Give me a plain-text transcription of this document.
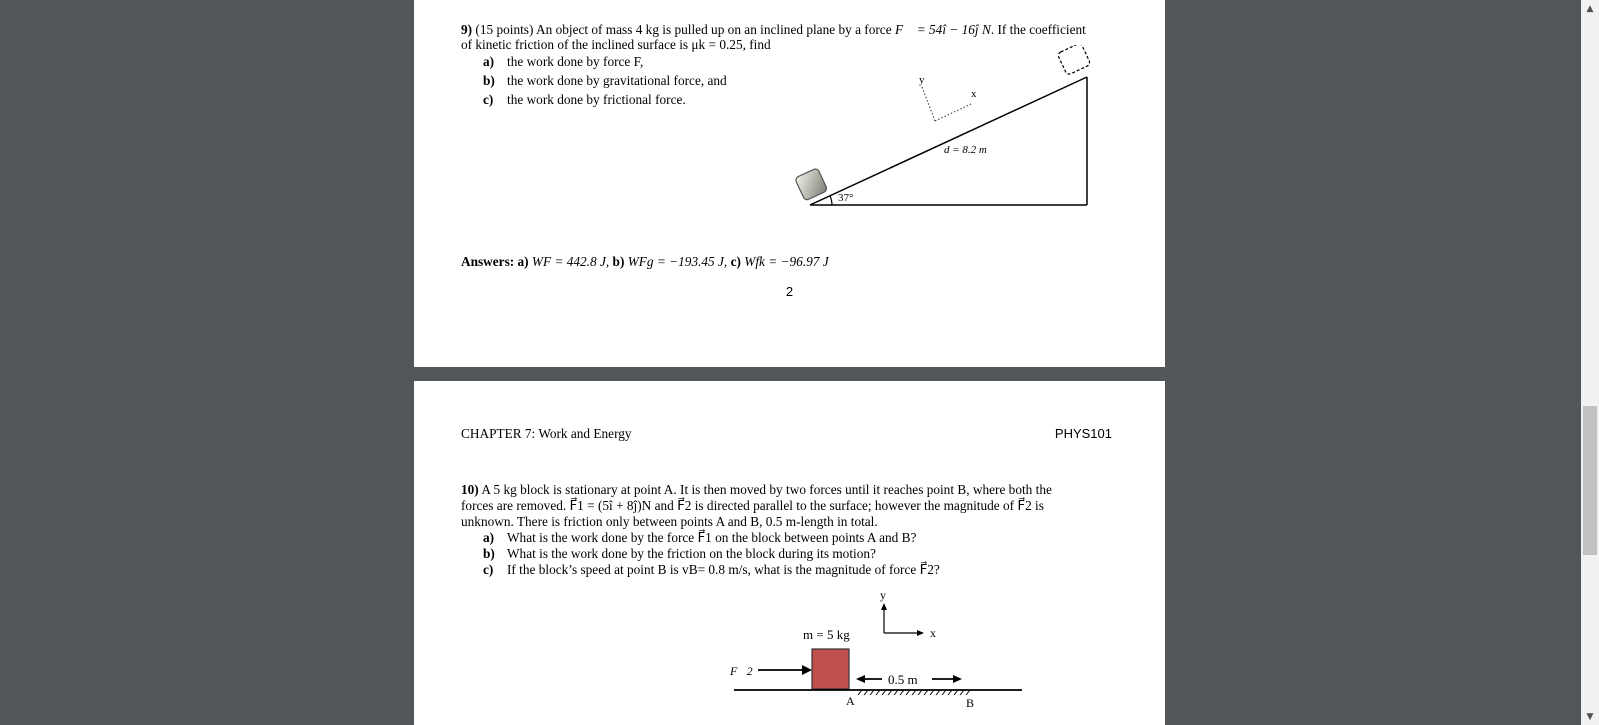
9) (15 points) An object of mass 4 kg is pulled up on an inclined plane by a force F⃗ = 54î − 16ĵ N. If the coefficient

of kinetic friction of the inclined surface is μk = 0.25, find

a) the work done by force F,

b) the work done by gravitational force, and

c) the work done by frictional force.

37°
y
x
d = 8.2 m

Answers: a) WF = 442.8 J, b) WFg = −193.45 J, c) Wfk = −96.97 J

2

CHAPTER 7: Work and Energy	PHYS101

10) A 5 kg block is stationary at point A. It is then moved by two forces until it reaches point B, where both the

forces are removed. F⃗1 = (5î + 8ĵ)N and F⃗2 is directed parallel to the surface; however the magnitude of F⃗2 is

unknown. There is friction only between points A and B, 0.5 m-length in total.

a) What is the work done by the force F⃗1 on the block between points A and B?

b) What is the work done by the friction on the block during its motion?

c) If the block’s speed at point B is vB= 0.8 m/s, what is the magnitude of force F⃗2?

y
x
m = 5 kg
F⃗2
0.5 m
A	B
▲
▼
